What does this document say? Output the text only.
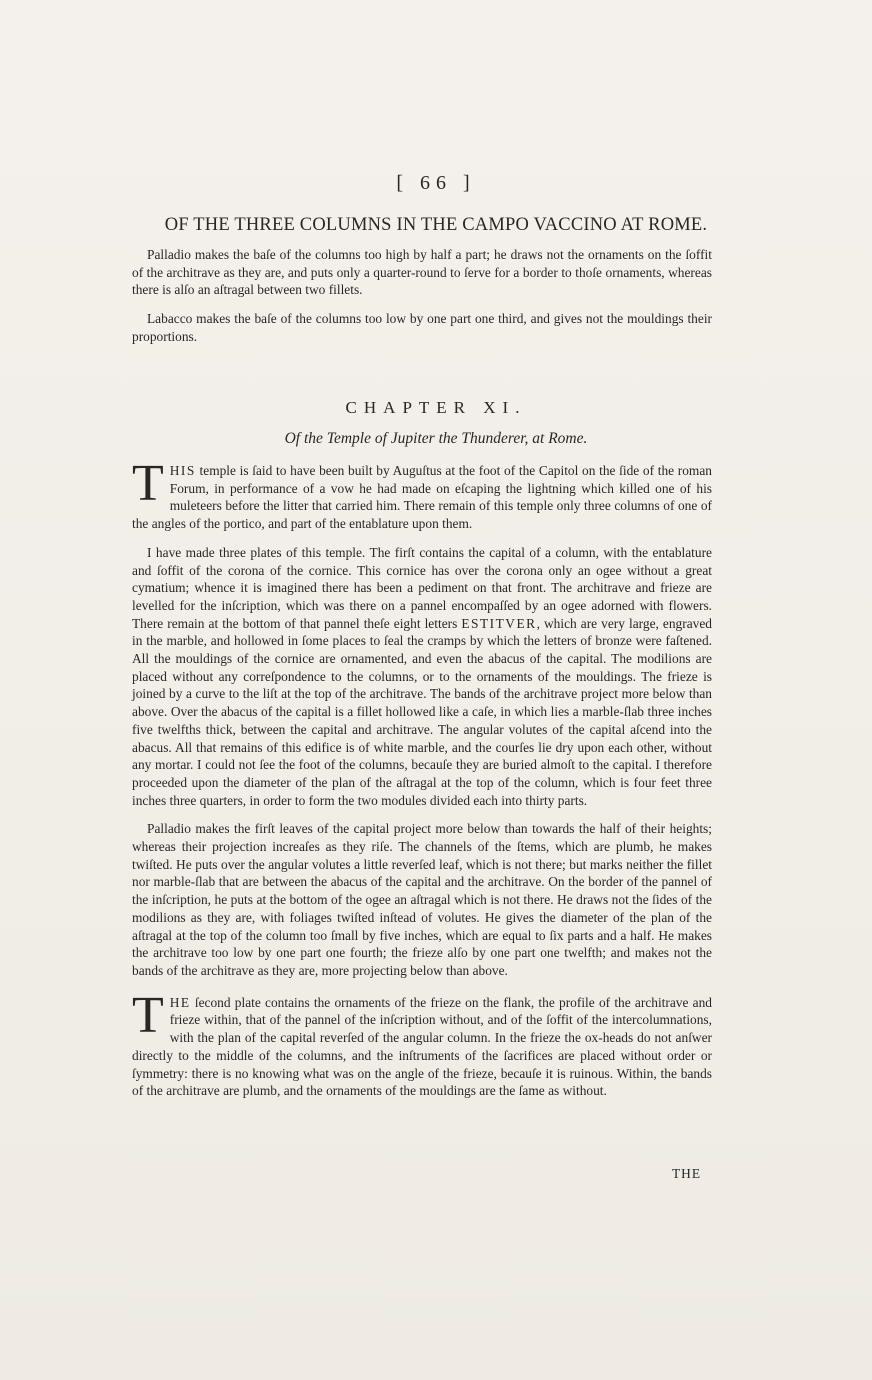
[ 66 ]
OF THE THREE COLUMNS IN THE CAMPO VACCINO AT ROME.

Palladio makes the baſe of the columns too high by half a part; he draws not the ornaments on the ſoffit of the architrave as they are, and puts only a quarter-round to ſerve for a border to thoſe ornaments, whereas there is alſo an aſtragal between two fillets.

Labacco makes the baſe of the columns too low by one part one third, and gives not the mouldings their proportions.

CHAPTER XI.
Of the Temple of Jupiter the Thunderer, at Rome.

THIS temple is ſaid to have been built by Auguſtus at the foot of the Capitol on the ſide of the roman Forum, in performance of a vow he had made on eſcaping the lightning which killed one of his muleteers before the litter that carried him. There remain of this temple only three columns of one of the angles of the portico, and part of the entablature upon them.

I have made three plates of this temple. The firſt contains the capital of a column, with the entablature and ſoffit of the corona of the cornice. This cornice has over the corona only an ogee without a great cymatium; whence it is imagined there has been a pediment on that front. The architrave and frieze are levelled for the inſcription, which was there on a pannel encompaſſed by an ogee adorned with flowers. There remain at the bottom of that pannel theſe eight letters ESTITVER, which are very large, engraved in the marble, and hollowed in ſome places to ſeal the cramps by which the letters of bronze were faſtened. All the mouldings of the cornice are ornamented, and even the abacus of the capital. The modilions are placed without any correſpondence to the columns, or to the ornaments of the mouldings. The frieze is joined by a curve to the liſt at the top of the architrave. The bands of the architrave project more below than above. Over the abacus of the capital is a fillet hollowed like a caſe, in which lies a marble-ſlab three inches five twelfths thick, between the capital and architrave. The angular volutes of the capital aſcend into the abacus. All that remains of this edifice is of white marble, and the courſes lie dry upon each other, without any mortar. I could not ſee the foot of the columns, becauſe they are buried almoſt to the capital. I therefore proceeded upon the diameter of the plan of the aſtragal at the top of the column, which is four feet three inches three quarters, in order to form the two modules divided each into thirty parts.

Palladio makes the firſt leaves of the capital project more below than towards the half of their heights; whereas their projection increaſes as they riſe. The channels of the ſtems, which are plumb, he makes twiſted. He puts over the angular volutes a little reverſed leaf, which is not there; but marks neither the fillet nor marble-ſlab that are between the abacus of the capital and the architrave. On the border of the pannel of the inſcription, he puts at the bottom of the ogee an aſtragal which is not there. He draws not the ſides of the modilions as they are, with foliages twiſted inſtead of volutes. He gives the diameter of the plan of the aſtragal at the top of the column too ſmall by five inches, which are equal to ſix parts and a half. He makes the architrave too low by one part one fourth; the frieze alſo by one part one twelfth; and makes not the bands of the architrave as they are, more projecting below than above.

THE ſecond plate contains the ornaments of the frieze on the flank, the profile of the architrave and frieze within, that of the pannel of the inſcription without, and of the ſoffit of the intercolumnations, with the plan of the capital reverſed of the angular column. In the frieze the ox-heads do not anſwer directly to the middle of the columns, and the inſtruments of the ſacrifices are placed without order or ſymmetry: there is no knowing what was on the angle of the frieze, becauſe it is ruinous. Within, the bands of the architrave are plumb, and the ornaments of the mouldings are the ſame as without.

THE
